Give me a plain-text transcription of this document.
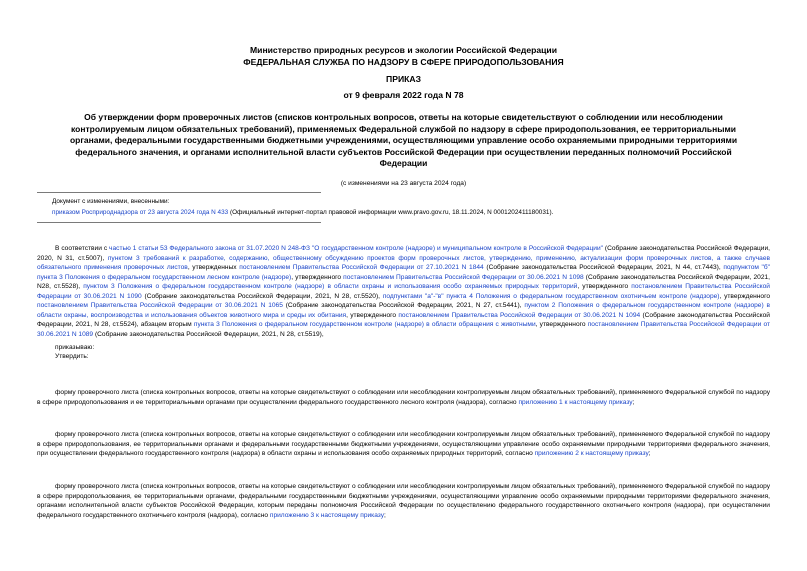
Министерство природных ресурсов и экологии Российской Федерации
ФЕДЕРАЛЬНАЯ СЛУЖБА ПО НАДЗОРУ В СФЕРЕ ПРИРОДОПОЛЬЗОВАНИЯ
ПРИКАЗ
от 9 февраля 2022 года N 78
Об утверждении форм проверочных листов (списков контрольных вопросов, ответы на которые свидетельствуют о соблюдении или несоблюдении контролируемым лицом обязательных требований), применяемых Федеральной службой по надзору в сфере природопользования, ее территориальными органами, федеральными государственными бюджетными учреждениями, осуществляющими управление особо охраняемыми природными территориями федерального значения, и органами исполнительной власти субъектов Российской Федерации при осуществлении переданных полномочий Российской Федерации
(с изменениями на 23 августа 2024 года)
Документ с изменениями, внесенными:
приказом Росприроднадзора от 23 августа 2024 года N 433 (Официальный интернет-портал правовой информации www.pravo.gov.ru, 18.11.2024, N 0001202411180031).
В соответствии с частью 1 статьи 53 Федерального закона от 31.07.2020 N 248-ФЗ "О государственном контроле (надзоре) и муниципальном контроле в Российской Федерации" (Собрание законодательства Российской Федерации, 2020, N 31, ст.5007), пунктом 3 требований к разработке, содержанию, общественному обсуждению проектов форм проверочных листов, утверждению, применению, актуализации форм проверочных листов, а также случаев обязательного применения проверочных листов, утвержденных постановлением Правительства Российской Федерации от 27.10.2021 N 1844 (Собрание законодательства Российской Федерации, 2021, N 44, ст.7443), подпунктом "б" пункта 3 Положения о федеральном государственном лесном контроле (надзоре), утвержденного постановлением Правительства Российской Федерации от 30.06.2021 N 1098 (Собрание законодательства Российской Федерации, 2021, N28, ст.5528), пунктом 3 Положения о федеральном государственном контроле (надзоре) в области охраны и использования особо охраняемых природных территорий, утвержденного постановлением Правительства Российской Федерации от 30.06.2021 N 1090 (Собрание законодательства Российской Федерации, 2021, N 28, ст.5520), подпунктами "а"-"в" пункта 4 Положения о федеральном государственном охотничьем контроле (надзоре), утвержденного постановлением Правительства Российской Федерации от 30.06.2021 N 1065 (Собрание законодательства Российской Федерации, 2021, N 27, ст.5441), пунктом 2 Положения о федеральном государственном контроле (надзоре) в области охраны, воспроизводства и использования объектов животного мира и среды их обитания, утвержденного постановлением Правительства Российской Федерации от 30.06.2021 N 1094 (Собрание законодательства Российской Федерации, 2021, N 28, ст.5524), абзацем вторым пункта 3 Положения о федеральном государственном контроле (надзоре) в области обращения с животными, утвержденного постановлением Правительства Российской Федерации от 30.06.2021 N 1089 (Собрание законодательства Российской Федерации, 2021, N 28, ст.5519),
приказываю:
Утвердить:
форму проверочного листа (списка контрольных вопросов, ответы на которые свидетельствуют о соблюдении или несоблюдении контролируемым лицом обязательных требований), применяемого Федеральной службой по надзору в сфере природопользования и ее территориальными органами при осуществлении федерального государственного лесного контроля (надзора), согласно приложению 1 к настоящему приказу;
форму проверочного листа (списка контрольных вопросов, ответы на которые свидетельствуют о соблюдении или несоблюдении контролируемым лицом обязательных требований), применяемого Федеральной службой по надзору в сфере природопользования, ее территориальными органами и федеральными государственными бюджетными учреждениями, осуществляющими управление особо охраняемыми природными территориями федерального значения, при осуществлении федерального государственного контроля (надзора) в области охраны и использования особо охраняемых природных территорий, согласно приложению 2 к настоящему приказу;
форму проверочного листа (списка контрольных вопросов, ответы на которые свидетельствуют о соблюдении или несоблюдении контролируемым лицом обязательных требований), применяемого Федеральной службой по надзору в сфере природопользования, ее территориальными органами, федеральными государственными бюджетными учреждениями, осуществляющими управление особо охраняемыми природными территориями федерального значения, органами исполнительной власти субъектов Российской Федерации, которым переданы полномочия Российской Федерации по осуществлению федерального государственного охотничьего контроля (надзора), при осуществлении федерального государственного охотничьего контроля (надзора), согласно приложению 3 к настоящему приказу;
